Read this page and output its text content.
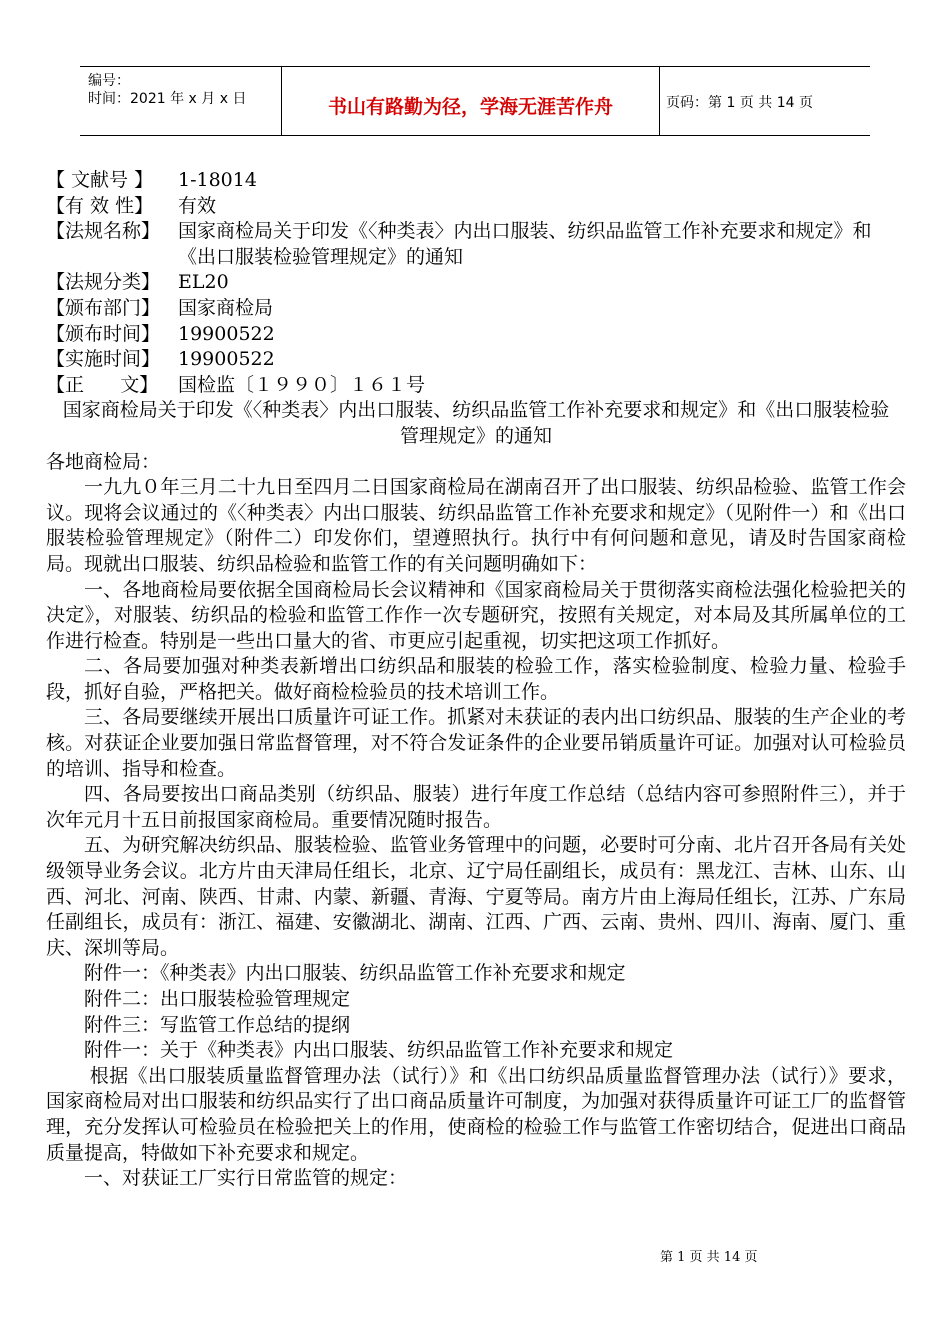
编号：
时间：2021 年 x 月 x 日	书山有路勤为径，学海无涯苦作舟	页码：第 1 页 共 14 页
【 文献号 】	1-18014
【有 效 性】	有效
【法规名称】 国家商检局关于印发《〈种类表〉内出口服装、纺织品监管工作补充要求和规定》和《出口服装检验管理规定》的通知
【法规分类】 EL20
【颁布部门】 国家商检局
【颁布时间】 19900522
【实施时间】 19900522
【正      文】	国检监〔１９９０〕１６１号
国家商检局关于印发《〈种类表〉内出口服装、纺织品监管工作补充要求和规定》和《出口服装检验管理规定》的通知

各地商检局：

一九九０年三月二十九日至四月二日国家商检局在湖南召开了出口服装、纺织品检验、监管工作会议。现将会议通过的《〈种类表〉内出口服装、纺织品监管工作补充要求和规定》（见附件一）和《出口服装检验管理规定》（附件二）印发你们，望遵照执行。执行中有何问题和意见，请及时告国家商检局。现就出口服装、纺织品检验和监管工作的有关问题明确如下：

一、各地商检局要依据全国商检局长会议精神和《国家商检局关于贯彻落实商检法强化检验把关的决定》，对服装、纺织品的检验和监管工作作一次专题研究，按照有关规定，对本局及其所属单位的工作进行检查。特别是一些出口量大的省、市更应引起重视，切实把这项工作抓好。

二、各局要加强对种类表新增出口纺织品和服装的检验工作，落实检验制度、检验力量、检验手段，抓好自验，严格把关。做好商检检验员的技术培训工作。

三、各局要继续开展出口质量许可证工作。抓紧对未获证的表内出口纺织品、服装的生产企业的考核。对获证企业要加强日常监督管理，对不符合发证条件的企业要吊销质量许可证。加强对认可检验员的培训、指导和检查。

四、各局要按出口商品类别（纺织品、服装）进行年度工作总结（总结内容可参照附件三），并于次年元月十五日前报国家商检局。重要情况随时报告。

五、为研究解决纺织品、服装检验、监管业务管理中的问题，必要时可分南、北片召开各局有关处级领导业务会议。北方片由天津局任组长，北京、辽宁局任副组长，成员有：黑龙江、吉林、山东、山西、河北、河南、陕西、甘肃、内蒙、新疆、青海、宁夏等局。南方片由上海局任组长，江苏、广东局任副组长，成员有：浙江、福建、安徽湖北、湖南、江西、广西、云南、贵州、四川、海南、厦门、重庆、深圳等局。

附件一：《种类表》内出口服装、纺织品监管工作补充要求和规定

附件二：出口服装检验管理规定

附件三：写监管工作总结的提纲

附件一：关于《种类表》内出口服装、纺织品监管工作补充要求和规定

根据《出口服装质量监督管理办法（试行）》和《出口纺织品质量监督管理办法（试行）》要求，国家商检局对出口服装和纺织品实行了出口商品质量许可制度，为加强对获得质量许可证工厂的监督管理，充分发挥认可检验员在检验把关上的作用，使商检的检验工作与监管工作密切结合，促进出口商品质量提高，特做如下补充要求和规定。

一、对获证工厂实行日常监管的规定：

第 1 页 共 14 页
